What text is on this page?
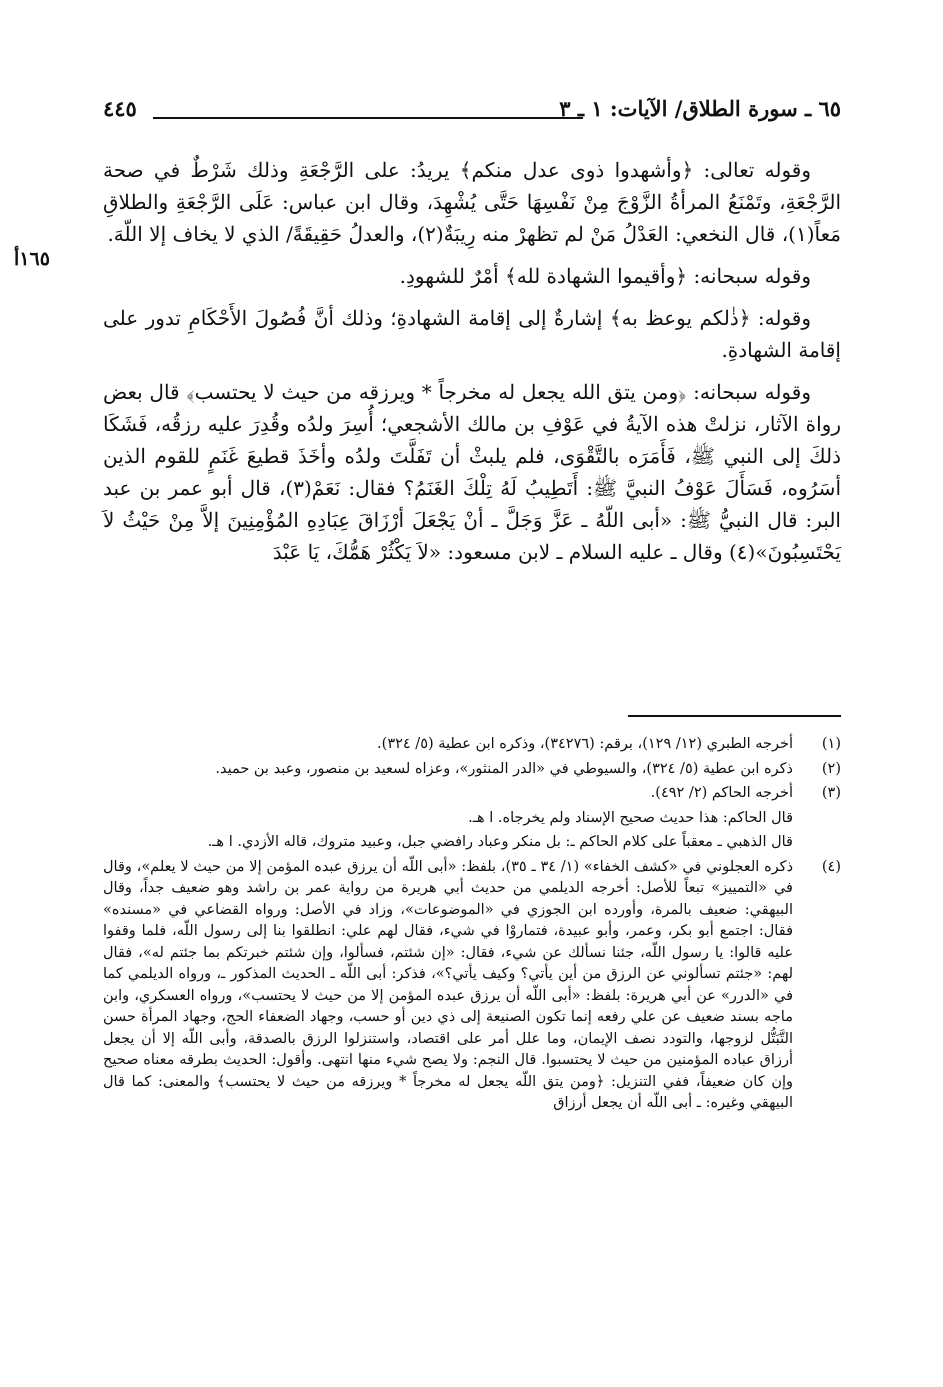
٦٥ ـ سورة الطلاق/ الآيات: ١ ـ ٣
٤٤٥
١٦٥أ

وقوله تعالى: ﴿وأشهدوا ذوى عدل منكم﴾ يريدُ: على الرَّجْعَةِ وذلك شَرْطٌ في صحة الرَّجْعَةِ، وتَمْنَعُ المرأةُ الزَّوْجَ مِنْ نَفْسِهَا حَتَّى يُشْهِدَ، وقال ابن عباس: عَلَى الرَّجْعَةِ والطلاقِ مَعاً(١)، قال النخعي: العَدْلُ مَنْ لم تظهرْ منه رِيبَةٌ(٢)، والعدلُ حَقِيقَةً/ الذي لا يخاف إلا اللّهَ.

وقوله سبحانه: ﴿وأقيموا الشهادة لله﴾ أمْرٌ للشهودِ.

وقوله: ﴿ذٰلكم يوعظ به﴾ إشارةٌ إلى إقامة الشهادةِ؛ وذلك أنَّ فُصُولَ الأَحْكَامِ تدور على إقامة الشهادةِ.

وقوله سبحانه: ﴿ومن يتق الله يجعل له مخرجاً * ويرزقه من حيث لا يحتسب﴾ قال بعض رواة الآثار، نزلتْ هذه الآيةُ في عَوْفِ بن مالك الأشجعي؛ أُسِرَ ولدُه وقُدِرَ عليه رزقُه، فَشَكَا ذلكَ إلى النبي ﷺ، فَأَمَرَه بالتَّقْوَى، فلم يلبثْ أن تَفَلَّتَ ولدُه وأخَذَ قطيعَ غَنَمٍ للقوم الذين أسَرُوه، فَسَأَلَ عَوْفُ النبيَّ ﷺ: أَتَطِيبُ لَهُ تِلْكَ الغَنَمُ؟ فقال: نَعَمْ(٣)، قال أبو عمر بن عبد البر: قال النبيُّ ﷺ: «أبى اللّهُ ـ عَزَّ وَجَلَّ ـ أنْ يَجْعَلَ أرْزَاقَ عِبَادِهِ المُؤْمِنِينَ إلاَّ مِنْ حَيْثُ لاَ يَحْتَسِبُونَ»(٤) وقال ـ عليه السلام ـ لابن مسعود: «لاَ يَكْثُرْ هَمُّكَ، يَا عَبْدَ

(١)
أخرجه الطبري (١٢/ ١٢٩)، برقم: (٣٤٢٧٦)، وذكره ابن عطية (٥/ ٣٢٤).
(٢)
ذكره ابن عطية (٥/ ٣٢٤)، والسيوطي في «الدر المنثور»، وعزاه لسعيد بن منصور، وعبد بن حميد.
(٣)
أخرجه الحاكم (٢/ ٤٩٢).
قال الحاكم: هذا حديث صحيح الإسناد ولم يخرجاه. ا هـ.
قال الذهبي ـ معقباً على كلام الحاكم ـ: بل منكر وعباد رافضي جبل، وعبيد متروك، قاله الأزدي. ا هـ.
(٤)
ذكره العجلوني في «كشف الخفاء» (١/ ٣٤ ـ ٣٥)، بلفظ: «أبى اللّه أن يرزق عبده المؤمن إلا من حيث لا يعلم»، وقال في «التمييز» تبعاً للأصل: أخرجه الديلمي من حديث أبي هريرة من رواية عمر بن راشد وهو ضعيف جداً، وقال البيهقي: ضعيف بالمرة، وأورده ابن الجوزي في «الموضوعات»، وزاد في الأصل: ورواه القضاعي في «مسنده» فقال: اجتمع أبو بكر، وعمر، وأبو عبيدة، فتماروْا في شيء، فقال لهم علي: انطلقوا بنا إلى رسول اللّه، فلما وقفوا عليه قالوا: يا رسول اللّه، جئنا نسألك عن شيء، فقال: «إن شئتم، فسألوا، وإن شئتم خبرتكم بما جئتم له»، فقال لهم: «جئتم تسألوني عن الرزق من أين يأتي؟ وكيف يأتي؟»، فذكر: أبى اللّه ـ الحديث المذكور ـ، ورواه الديلمي كما في «الدرر» عن أبي هريرة: بلفظ: «أبى اللّه أن يرزق عبده المؤمن إلا من حيث لا يحتسب»، ورواه العسكري، وابن ماجه بسند ضعيف عن علي رفعه إنما تكون الصنيعة إلى ذي دين أو حسب، وجهاد الضعفاء الحج، وجهاد المرأة حسن التَّبَتُّل لزوجها، والتودد نصف الإيمان، وما علل أمر على اقتصاد، واستنزلوا الرزق بالصدقة، وأبى اللّه إلا أن يجعل أرزاق عباده المؤمنين من حيث لا يحتسبوا. قال النجم: ولا يصح شيء منها انتهى. وأقول: الحديث بطرقه معناه صحيح وإن كان ضعيفاً، ففي التنزيل: ﴿ومن يتق اللّه يجعل له مخرجاً * ويرزقه من حيث لا يحتسب﴾ والمعنى: كما قال البيهقي وغيره: ـ أبى اللّه أن يجعل أرزاق
